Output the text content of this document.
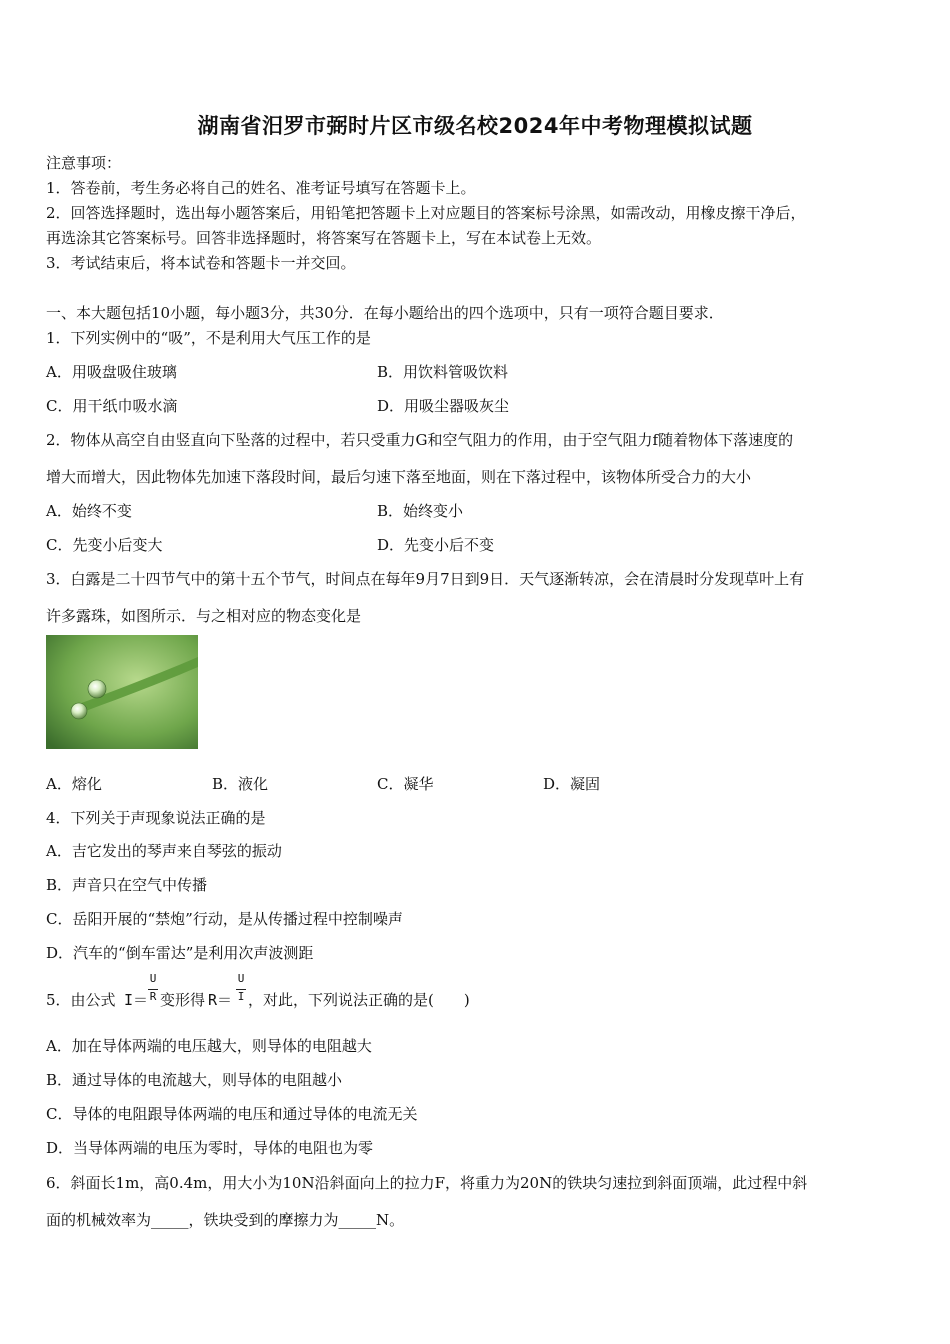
湖南省汨罗市弼时片区市级名校2024年中考物理模拟试题
注意事项：
1．答卷前，考生务必将自己的姓名、准考证号填写在答题卡上。
2．回答选择题时，选出每小题答案后，用铅笔把答题卡上对应题目的答案标号涂黑，如需改动，用橡皮擦干净后，
再选涂其它答案标号。回答非选择题时，将答案写在答题卡上，写在本试卷上无效。
3．考试结束后，将本试卷和答题卡一并交回。
一、本大题包括10小题，每小题3分，共30分．在每小题给出的四个选项中，只有一项符合题目要求．
1．下列实例中的“吸”，不是利用大气压工作的是
A．用吸盘吸住玻璃	B．用饮料管吸饮料
C．用干纸巾吸水滴	D．用吸尘器吸灰尘
2．物体从高空自由竖直向下坠落的过程中，若只受重力G和空气阻力的作用，由于空气阻力f随着物体下落速度的
增大而增大，因此物体先加速下落段时间，最后匀速下落至地面，则在下落过程中，该物体所受合力的大小
A．始终不变	B．始终变小
C．先变小后变大	D．先变小后不变
3．白露是二十四节气中的第十五个节气，时间点在每年9月7日到9日．天气逐渐转凉，会在清晨时分发现草叶上有
许多露珠，如图所示．与之相对应的物态变化是
A．熔化	B．液化	C．凝华	D．凝固
4．下列关于声现象说法正确的是
A．吉它发出的琴声来自琴弦的振动
B．声音只在空气中传播
C．岳阳开展的“禁炮”行动，是从传播过程中控制噪声
D．汽车的“倒车雷达”是利用次声波测距
5．由公式 I＝
U
R 变形得 R＝
U
I ，对此，下列说法正确的是(　　)
A．加在导体两端的电压越大，则导体的电阻越大
B．通过导体的电流越大，则导体的电阻越小
C．导体的电阻跟导体两端的电压和通过导体的电流无关
D．当导体两端的电压为零时，导体的电阻也为零
6．斜面长1m，高0.4m，用大小为10N沿斜面向上的拉力F，将重力为20N的铁块匀速拉到斜面顶端，此过程中斜
面的机械效率为_____，铁块受到的摩擦力为_____N。
